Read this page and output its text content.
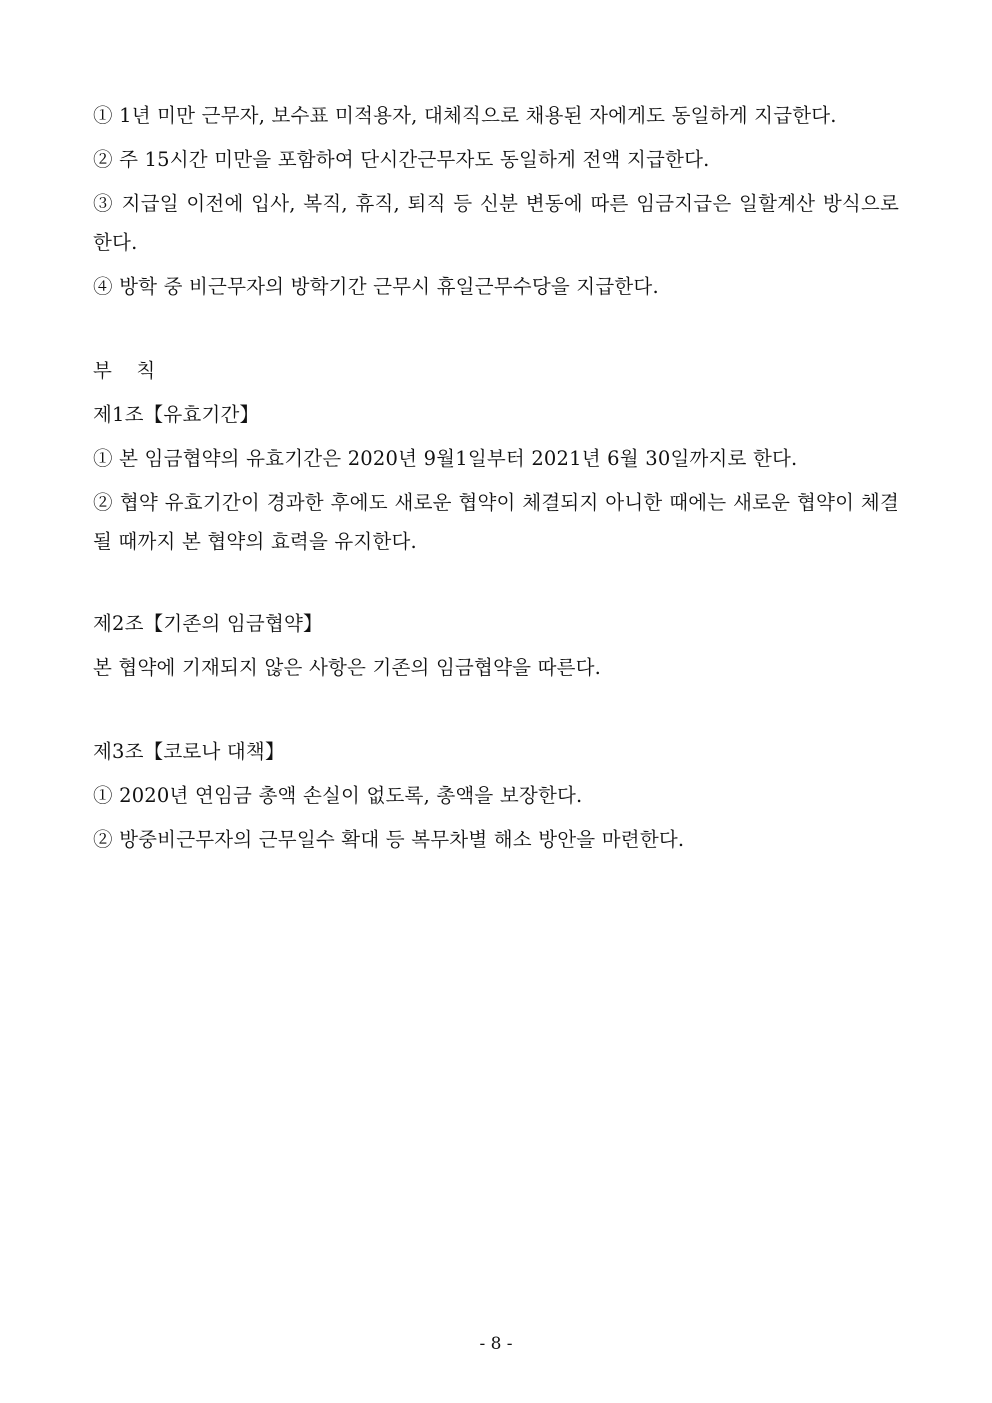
① 1년 미만 근무자, 보수표 미적용자, 대체직으로 채용된 자에게도 동일하게 지급한다.
② 주 15시간 미만을 포함하여 단시간근무자도 동일하게 전액 지급한다.
③ 지급일 이전에 입사, 복직, 휴직, 퇴직 등 신분 변동에 따른 임금지급은 일할계산 방식으로 한다.
④ 방학 중 비근무자의 방학기간 근무시 휴일근무수당을 지급한다.
부 칙
제1조【유효기간】
① 본 임금협약의 유효기간은 2020년 9월1일부터 2021년 6월 30일까지로 한다.
② 협약 유효기간이 경과한 후에도 새로운 협약이 체결되지 아니한 때에는 새로운 협약이 체결될 때까지 본 협약의 효력을 유지한다.
제2조【기존의 임금협약】
본 협약에 기재되지 않은 사항은 기존의 임금협약을 따른다.
제3조【코로나 대책】
① 2020년 연임금 총액 손실이 없도록, 총액을 보장한다.
② 방중비근무자의 근무일수 확대 등 복무차별 해소 방안을 마련한다.
- 8 -
